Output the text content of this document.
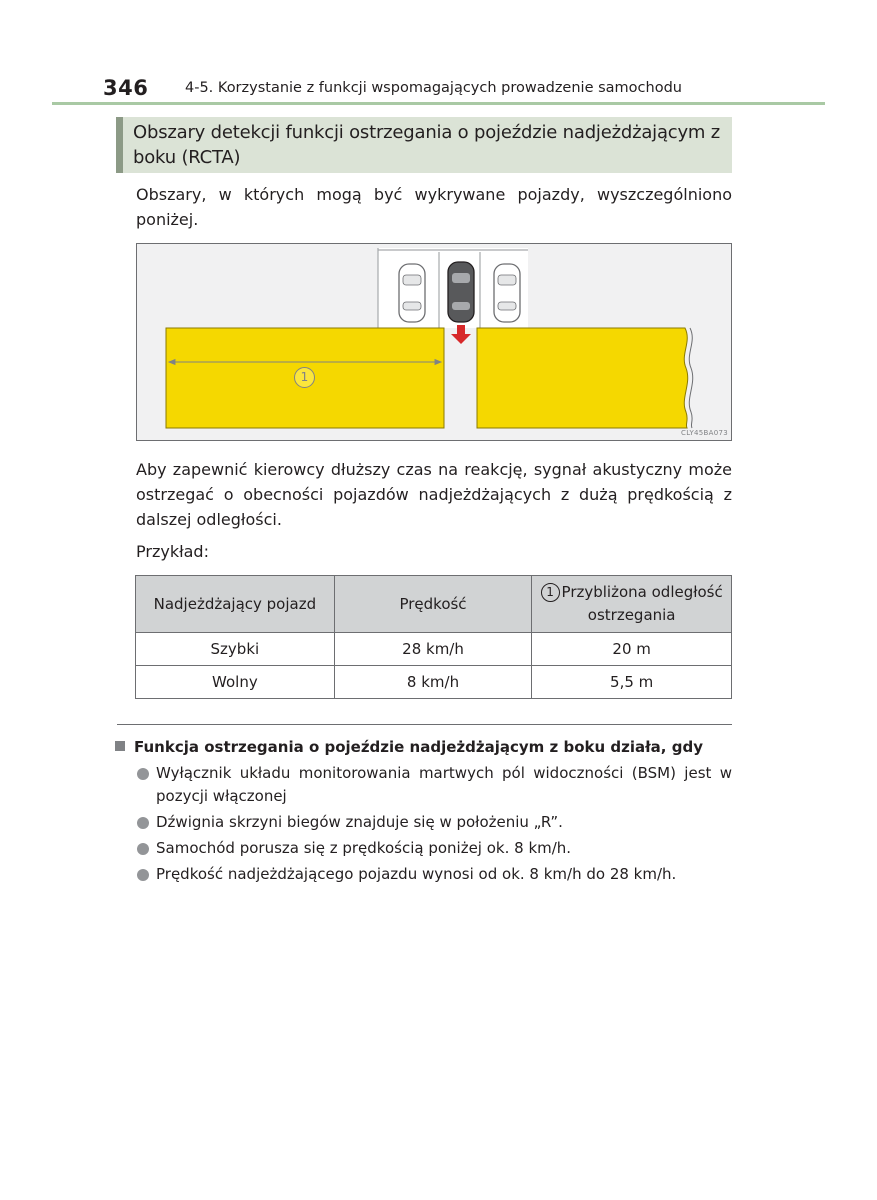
346	4-5. Korzystanie z funkcji wspomagających prowadzenie samochodu
Obszary detekcji funkcji ostrzegania o pojeździe nadjeżdżającym z boku (RCTA)

Obszary, w których mogą być wykrywane pojazdy, wyszczególniono poniżej.

1
CLY45BA073

Aby zapewnić kierowcy dłuższy czas na reakcję, sygnał akustyczny może ostrzegać o obecności pojazdów nadjeżdżających z dużą prędkością z dalszej odległości.

Przykład:

Nadjeżdżający pojazd	Prędkość	1 Przybliżona odległość ostrzegania
Szybki	28 km/h	20 m
Wolny	8 km/h	5,5 m
Funkcja ostrzegania o pojeździe nadjeżdżającym z boku działa, gdy
Wyłącznik układu monitorowania martwych pól widoczności (BSM) jest w pozycji włączonej
Dźwignia skrzyni biegów znajduje się w położeniu „R”.
Samochód porusza się z prędkością poniżej ok. 8 km/h.
Prędkość nadjeżdżającego pojazdu wynosi od ok. 8 km/h do 28 km/h.
